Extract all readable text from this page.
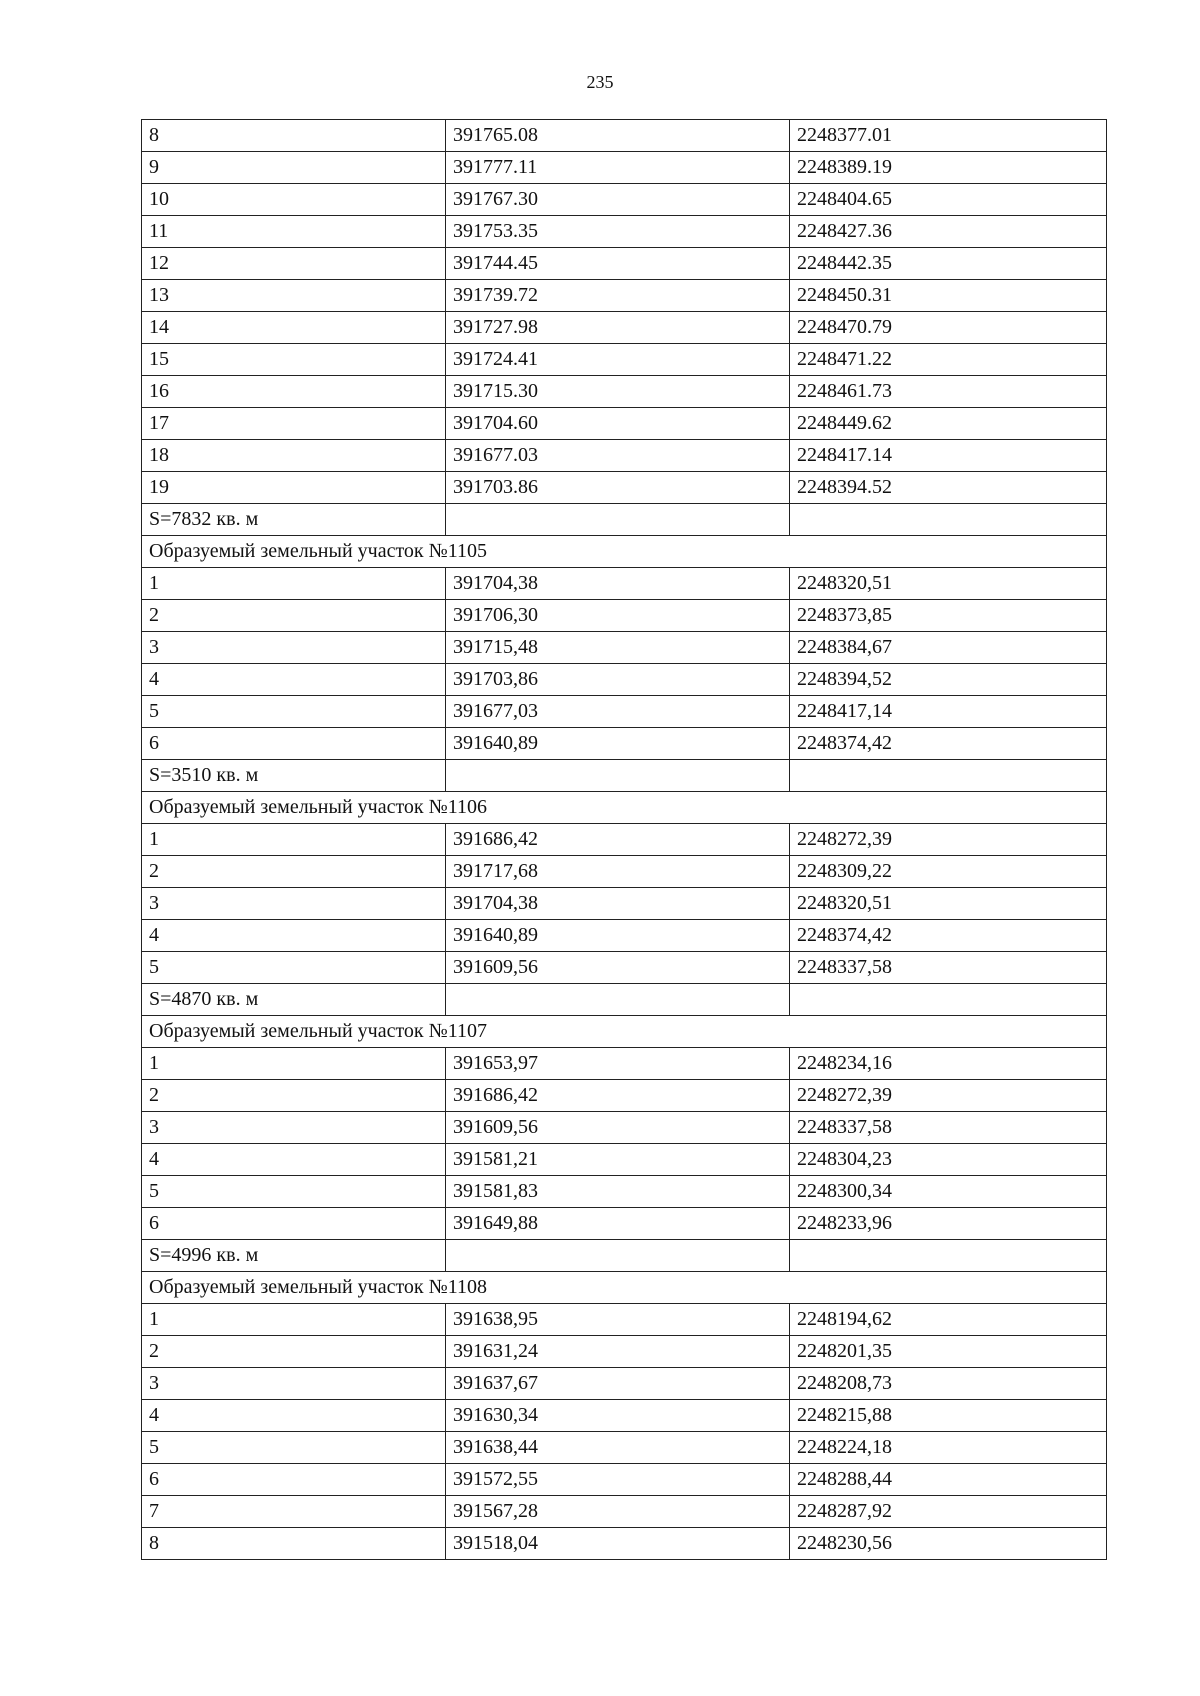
235
8	391765.08	2248377.01
9	391777.11	2248389.19
10	391767.30	2248404.65
11	391753.35	2248427.36
12	391744.45	2248442.35
13	391739.72	2248450.31
14	391727.98	2248470.79
15	391724.41	2248471.22
16	391715.30	2248461.73
17	391704.60	2248449.62
18	391677.03	2248417.14
19	391703.86	2248394.52
S=7832 кв. м		
Образуемый земельный участок №1105		
1	391704,38	2248320,51
2	391706,30	2248373,85
3	391715,48	2248384,67
4	391703,86	2248394,52
5	391677,03	2248417,14
6	391640,89	2248374,42
S=3510 кв. м		
Образуемый земельный участок №1106		
1	391686,42	2248272,39
2	391717,68	2248309,22
3	391704,38	2248320,51
4	391640,89	2248374,42
5	391609,56	2248337,58
S=4870 кв. м		
Образуемый земельный участок №1107		
1	391653,97	2248234,16
2	391686,42	2248272,39
3	391609,56	2248337,58
4	391581,21	2248304,23
5	391581,83	2248300,34
6	391649,88	2248233,96
S=4996 кв. м		
Образуемый земельный участок №1108		
1	391638,95	2248194,62
2	391631,24	2248201,35
3	391637,67	2248208,73
4	391630,34	2248215,88
5	391638,44	2248224,18
6	391572,55	2248288,44
7	391567,28	2248287,92
8	391518,04	2248230,56
